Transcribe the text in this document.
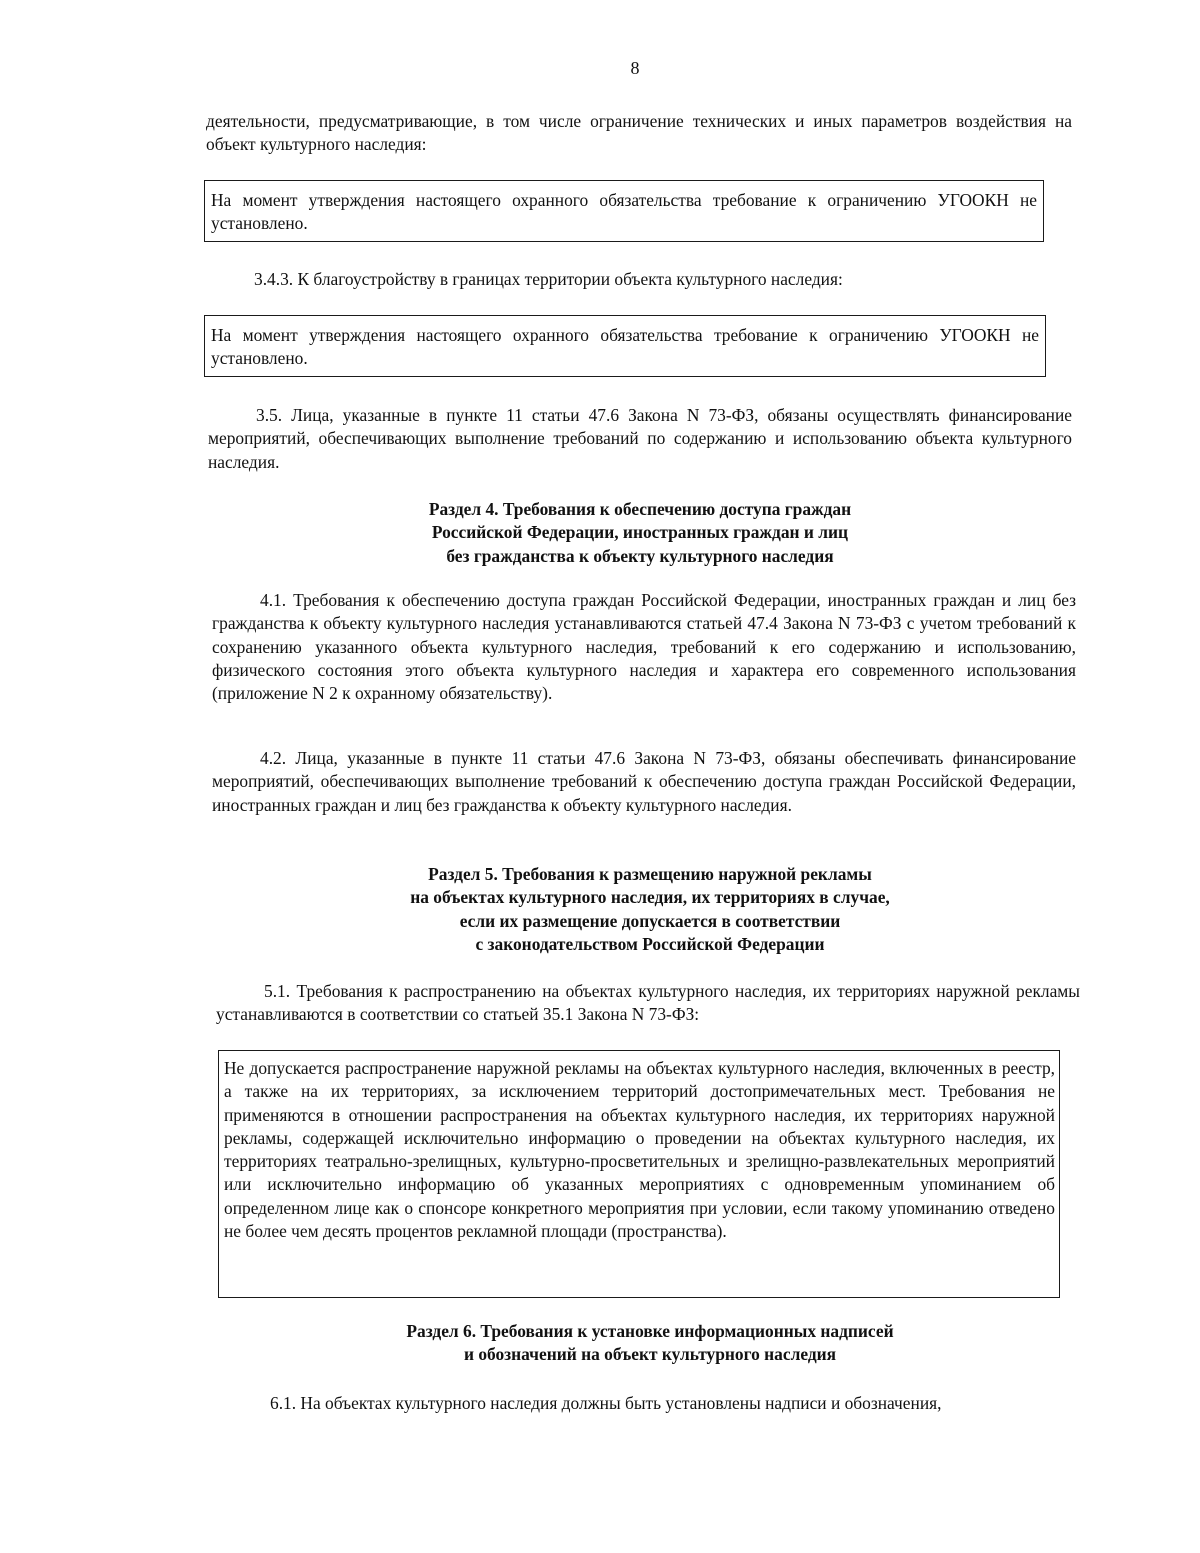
8

деятельности, предусматривающие, в том числе ограничение технических и иных параметров воздействия на объект культурного наследия:

На момент утверждения настоящего охранного обязательства требование к ограничению УГООКН не установлено.

3.4.3. К благоустройству в границах территории объекта культурного наследия:

На момент утверждения настоящего охранного обязательства требование к ограничению УГООКН не установлено.

3.5. Лица, указанные в пункте 11 статьи 47.6 Закона N 73-ФЗ, обязаны осуществлять финансирование мероприятий, обеспечивающих выполнение требований по содержанию и использованию объекта культурного наследия.

Раздел 4. Требования к обеспечению доступа граждан
Российской Федерации, иностранных граждан и лиц
без гражданства к объекту культурного наследия

4.1. Требования к обеспечению доступа граждан Российской Федерации, иностранных граждан и лиц без гражданства к объекту культурного наследия устанавливаются статьей 47.4 Закона N 73-ФЗ с учетом требований к сохранению указанного объекта культурного наследия, требований к его содержанию и использованию, физического состояния этого объекта культурного наследия и характера его современного использования (приложение N 2 к охранному обязательству).

4.2. Лица, указанные в пункте 11 статьи 47.6 Закона N 73-ФЗ, обязаны обеспечивать финансирование мероприятий, обеспечивающих выполнение требований к обеспечению доступа граждан Российской Федерации, иностранных граждан и лиц без гражданства к объекту культурного наследия.

Раздел 5. Требования к размещению наружной рекламы
на объектах культурного наследия, их территориях в случае,
если их размещение допускается в соответствии
с законодательством Российской Федерации

5.1. Требования к распространению на объектах культурного наследия, их территориях наружной рекламы устанавливаются в соответствии со статьей 35.1 Закона N 73-ФЗ:

Не допускается распространение наружной рекламы на объектах культурного наследия, включенных в реестр, а также на их территориях, за исключением территорий достопримечательных мест. Требования не применяются в отношении распространения на объектах культурного наследия, их территориях наружной рекламы, содержащей исключительно информацию о проведении на объектах культурного наследия, их территориях театрально-зрелищных, культурно-просветительных и зрелищно-развлекательных мероприятий или исключительно информацию об указанных мероприятиях с одновременным упоминанием об определенном лице как о спонсоре конкретного мероприятия при условии, если такому упоминанию отведено не более чем десять процентов рекламной площади (пространства).

Раздел 6. Требования к установке информационных надписей
и обозначений на объект культурного наследия

6.1. На объектах культурного наследия должны быть установлены надписи и обозначения,
